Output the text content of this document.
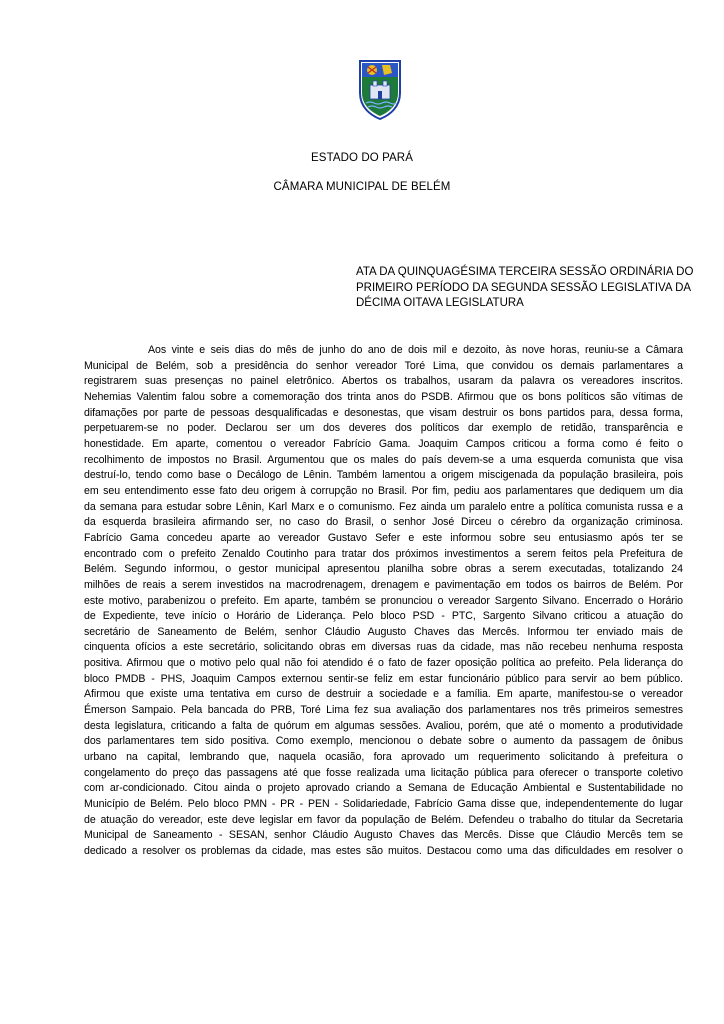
ESTADO DO PARÁ
CÂMARA MUNICIPAL DE BELÉM
ATA DA QUINQUAGÉSIMA TERCEIRA SESSÃO ORDINÁRIA DO
PRIMEIRO PERÍODO DA SEGUNDA SESSÃO LEGISLATIVA DA
DÉCIMA OITAVA LEGISLATURA
Aos vinte e seis dias do mês de junho do ano de dois mil e dezoito, às nove horas, reuniu-se a Câmara
Municipal de Belém, sob a presidência do senhor vereador Toré Lima, que convidou os demais parlamentares a
registrarem suas presenças no painel eletrônico. Abertos os trabalhos, usaram da palavra os vereadores inscritos.
Nehemias Valentim falou sobre a comemoração dos trinta anos do PSDB. Afirmou que os bons políticos são vítimas de
difamações por parte de pessoas desqualificadas e desonestas, que visam destruir os bons partidos para, dessa forma,
perpetuarem-se no poder. Declarou ser um dos deveres dos políticos dar exemplo de retidão, transparência e
honestidade. Em aparte, comentou o vereador Fabrício Gama. Joaquim Campos criticou a forma como é feito o
recolhimento de impostos no Brasil. Argumentou que os males do país devem-se a uma esquerda comunista que visa
destruí-lo, tendo como base o Decálogo de Lênin. Também lamentou a origem miscigenada da população brasileira, pois
em seu entendimento esse fato deu origem à corrupção no Brasil. Por fim, pediu aos parlamentares que dediquem um dia
da semana para estudar sobre Lênin, Karl Marx e o comunismo. Fez ainda um paralelo entre a política comunista russa e a
da esquerda brasileira afirmando ser, no caso do Brasil, o senhor José Dirceu o cérebro da organização criminosa.
Fabrício Gama concedeu aparte ao vereador Gustavo Sefer e este informou sobre seu entusiasmo após ter se
encontrado com o prefeito Zenaldo Coutinho para tratar dos próximos investimentos a serem feitos pela Prefeitura de
Belém. Segundo informou, o gestor municipal apresentou planilha sobre obras a serem executadas, totalizando 24
milhões de reais a serem investidos na macrodrenagem, drenagem e pavimentação em todos os bairros de Belém. Por
este motivo, parabenizou o prefeito. Em aparte, também se pronunciou o vereador Sargento Silvano. Encerrado o Horário
de Expediente, teve início o Horário de Liderança. Pelo bloco PSD - PTC, Sargento Silvano criticou a atuação do
secretário de Saneamento de Belém, senhor Cláudio Augusto Chaves das Mercês. Informou ter enviado mais de
cinquenta ofícios a este secretário, solicitando obras em diversas ruas da cidade, mas não recebeu nenhuma resposta
positiva. Afirmou que o motivo pelo qual não foi atendido é o fato de fazer oposição política ao prefeito. Pela liderança do
bloco PMDB - PHS, Joaquim Campos externou sentir-se feliz em estar funcionário público para servir ao bem público.
Afirmou que existe uma tentativa em curso de destruir a sociedade e a família. Em aparte, manifestou-se o vereador
Émerson Sampaio. Pela bancada do PRB, Toré Lima fez sua avaliação dos parlamentares nos três primeiros semestres
desta legislatura, criticando a falta de quórum em algumas sessões. Avaliou, porém, que até o momento a produtividade
dos parlamentares tem sido positiva. Como exemplo, mencionou o debate sobre o aumento da passagem de ônibus
urbano na capital, lembrando que, naquela ocasião, fora aprovado um requerimento solicitando à prefeitura o
congelamento do preço das passagens até que fosse realizada uma licitação pública para oferecer o transporte coletivo
com ar-condicionado. Citou ainda o projeto aprovado criando a Semana de Educação Ambiental e Sustentabilidade no
Município de Belém. Pelo bloco PMN - PR - PEN - Solidariedade, Fabrício Gama disse que, independentemente do lugar
de atuação do vereador, este deve legislar em favor da população de Belém. Defendeu o trabalho do titular da Secretaria
Municipal de Saneamento - SESAN, senhor Cláudio Augusto Chaves das Mercês. Disse que Cláudio Mercês tem se
dedicado a resolver os problemas da cidade, mas estes são muitos. Destacou como uma das dificuldades em resolver o
